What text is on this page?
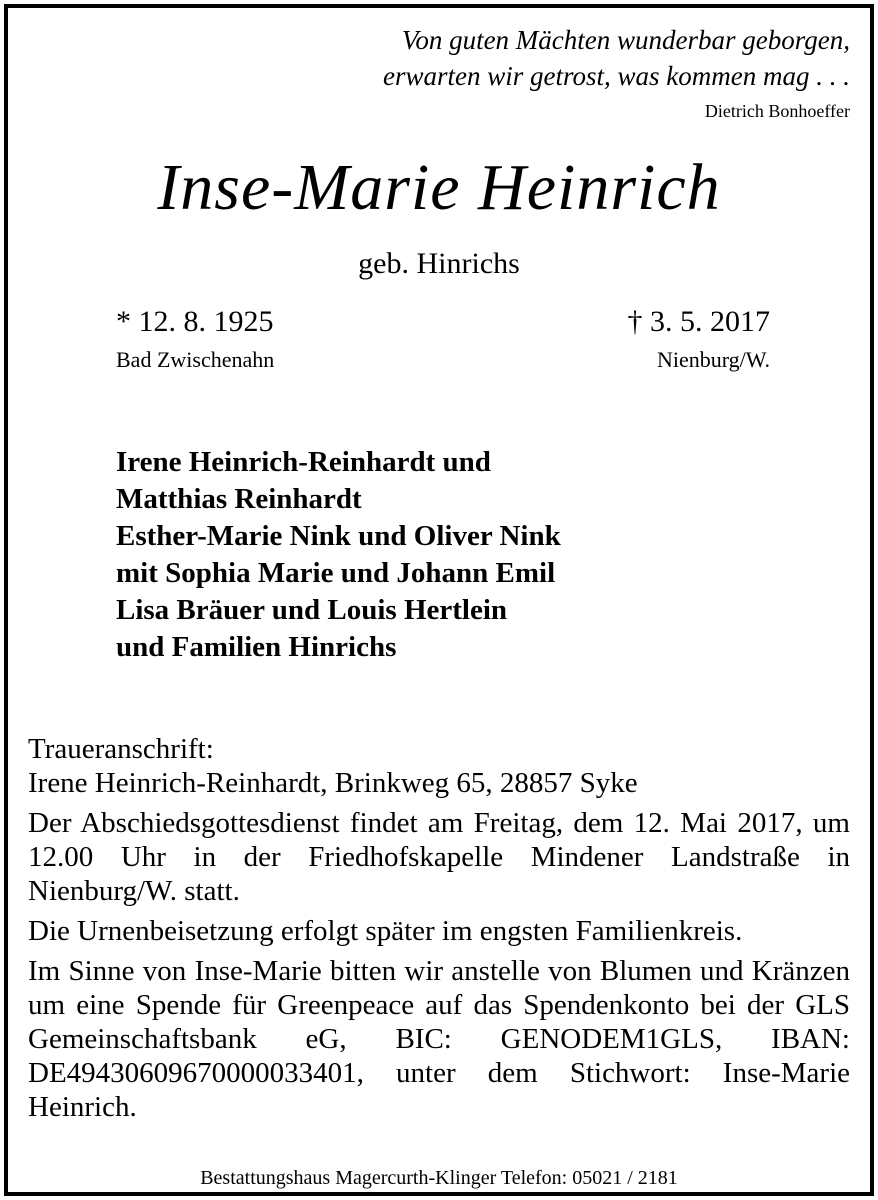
Von guten Mächten wunderbar geborgen,
erwarten wir getrost, was kommen mag . . .
Dietrich Bonhoeffer
Inse-Marie Heinrich
geb. Hinrichs
* 12. 8. 1925
Bad Zwischenahn
† 3. 5. 2017
Nienburg/W.
Irene Heinrich-Reinhardt und
Matthias Reinhardt
Esther-Marie Nink und Oliver Nink
mit Sophia Marie und Johann Emil
Lisa Bräuer und Louis Hertlein
und Familien Hinrichs

Traueranschrift:

Irene Heinrich-Reinhardt, Brinkweg 65, 28857 Syke

Der Abschiedsgottesdienst findet am Freitag, dem 12. Mai 2017, um 12.00 Uhr in der Friedhofskapelle Mindener Landstraße in Nienburg/W. statt.

Die Urnenbeisetzung erfolgt später im engsten Familienkreis.

Im Sinne von Inse-Marie bitten wir anstelle von Blumen und Kränzen um eine Spende für Greenpeace auf das Spendenkonto bei der GLS Gemeinschaftsbank eG, BIC: GENODEM1GLS, IBAN: DE49430609670000033401, unter dem Stichwort: Inse-Marie Heinrich.

Bestattungshaus Magercurth-Klinger Telefon: 05021 / 2181
